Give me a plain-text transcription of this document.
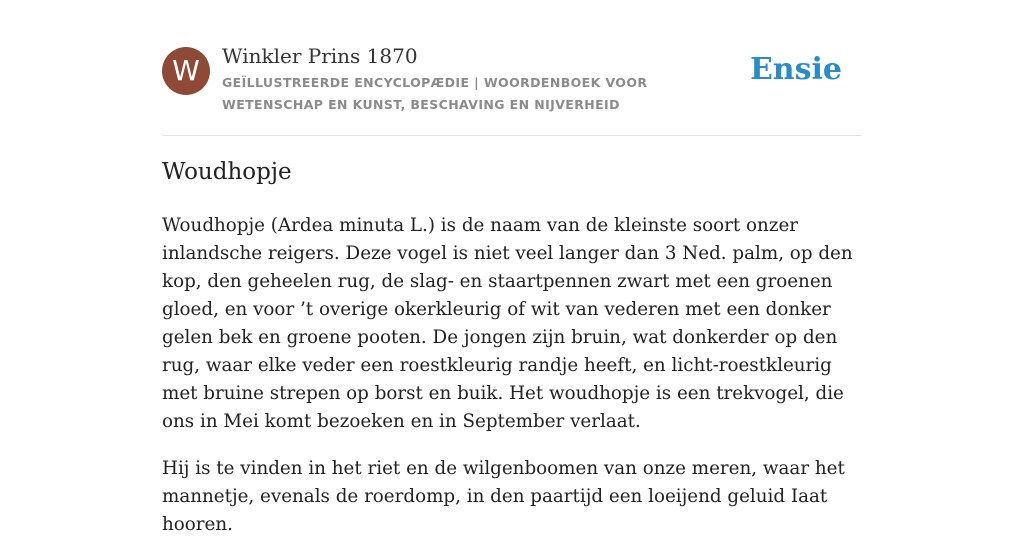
W	Winkler Prins 1870
GEÏLLUSTREERDE ENCYCLOPÆDIE | WOORDENBOEK VOOR WETENSCHAP EN KUNST, BESCHAVING EN NIJVERHEID
Ensie
Woudhopje

Woudhopje (Ardea minuta L.) is de naam van de kleinste soort onzer inlandsche reigers. Deze vogel is niet veel langer dan 3 Ned. palm, op den kop, den geheelen rug, de slag- en staartpennen zwart met een groenen gloed, en voor ’t overige okerkleurig of wit van vederen met een donker gelen bek en groene pooten. De jongen zijn bruin, wat donkerder op den rug, waar elke veder een roestkleurig randje heeft, en licht-roestkleurig met bruine strepen op borst en buik. Het woudhopje is een trekvogel, die ons in Mei komt bezoeken en in September verlaat.

Hij is te vinden in het riet en de wilgenboomen van onze meren, waar het mannetje, evenals de roerdomp, in den paartijd een loeijend geluid Iaat hooren.
